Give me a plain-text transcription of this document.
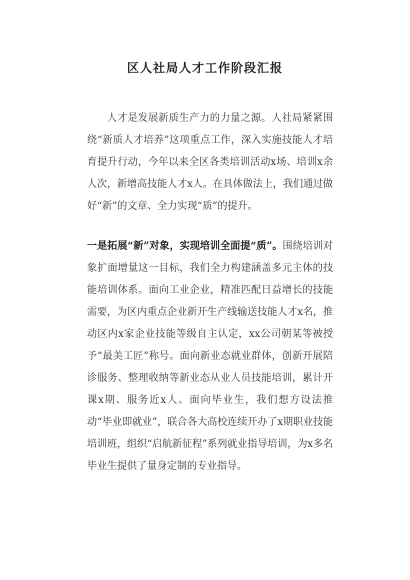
区人社局人才工作阶段汇报

人才是发展新质生产力的力量之源。人社局紧紧围绕“新质人才培养”这项重点工作，深入实施技能人才培育提升行动，今年以来全区各类培训活动x场、培训x余人次，新增高技能人才x人。在具体做法上，我们通过做好“新”的文章、全力实现“质”的提升。

一是拓展“新”对象，实现培训全面提“质”。围绕培训对象扩面增量这一目标，我们全力构建涵盖多元主体的技能培训体系。面向工业企业，精准匹配日益增长的技能需要，为区内重点企业新开生产线输送技能人才x名，推动区内x家企业技能等级自主认定，xx公司朝某等被授予“最美工匠”称号。面向新业态就业群体，创新开展陪诊服务、整理收纳等新业态从业人员技能培训，累计开课x期、服务近x人。面向毕业生，我们想方设法推动“毕业即就业”，联合各大高校连续开办了x期职业技能培训班，组织“启航新征程”系列就业指导培训，为x多名毕业生提供了量身定制的专业指导。
